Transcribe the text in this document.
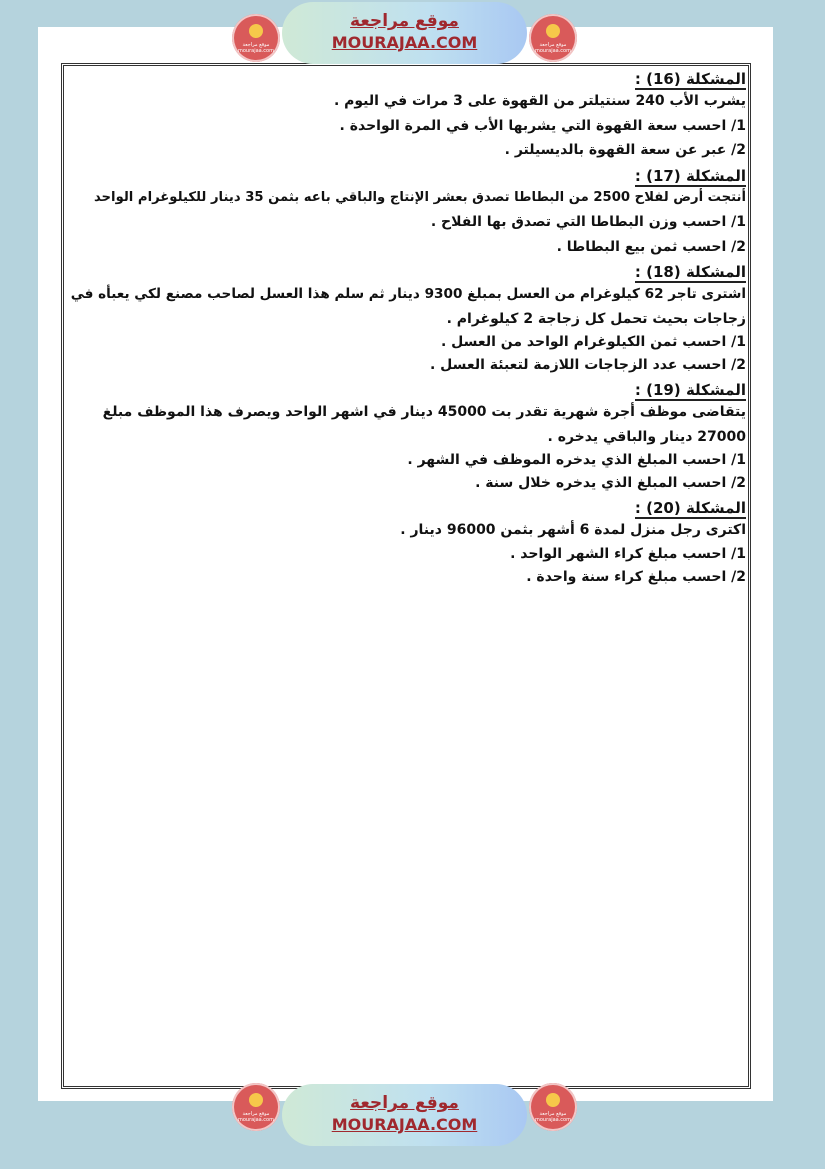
موقع مراجعة mourajaa.com
موقع مراجعة
MOURAJAA.COM	موقع مراجعة mourajaa.com
موقع مراجعة mourajaa.com
موقع مراجعة
MOURAJAA.COM
موقع مراجعة mourajaa.com
المشكلة (16) :
يشرب الأب 240 سنتيلتر من القهوة على 3 مرات في اليوم .
1/ احسب سعة القهوة التي يشربها الأب في المرة الواحدة .
2/ عبر عن سعة القهوة بالديسيلتر .
المشكلة (17) :
أنتجت أرض لفلاح 2500 من البطاطا تصدق بعشر الإنتاج والباقي باعه بثمن 35 دينار للكيلوغرام الواحد
1/ احسب وزن البطاطا التي تصدق بها الفلاح .
2/ احسب ثمن بيع البطاطا .
المشكلة (18) :
اشترى تاجر 62 كيلوغرام من العسل بمبلغ 9300 دينار ثم سلم هذا العسل لصاحب مصنع لكي يعبأه في
زجاجات بحيث تحمل كل زجاجة 2 كيلوغرام .
1/ احسب ثمن الكيلوغرام الواحد من العسل .
2/ احسب عدد الزجاجات اللازمة لتعبئة العسل .
المشكلة (19) :
يتقاضى موظف أجرة شهرية تقدر بت 45000 دينار في اشهر الواحد ويصرف هذا الموظف مبلغ
27000 دينار والباقي يدخره .
1/ احسب المبلغ الذي يدخره الموظف في الشهر .
2/ احسب المبلغ الذي يدخره خلال سنة .
المشكلة (20) :
اكترى رجل منزل لمدة 6 أشهر بثمن 96000 دينار .
1/ احسب مبلغ كراء الشهر الواحد .
2/ احسب مبلغ كراء سنة واحدة .
